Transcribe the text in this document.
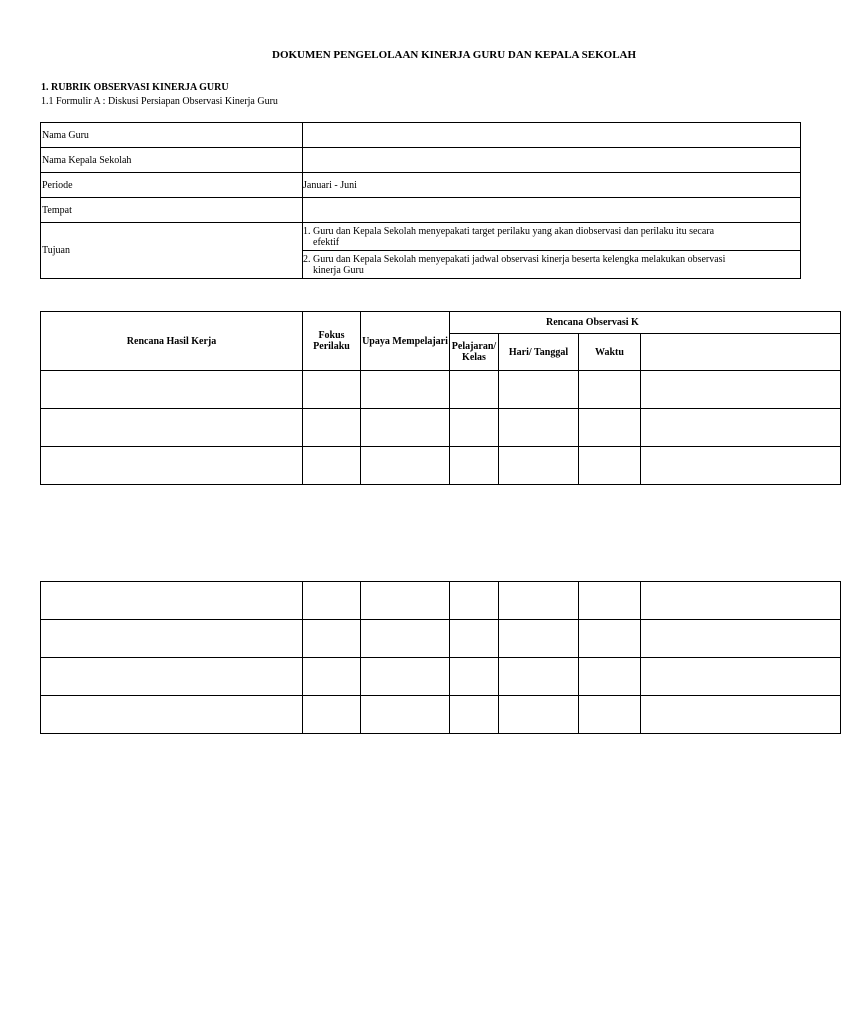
DOKUMEN PENGELOLAAN KINERJA GURU DAN KEPALA SEKOLAH
1. RUBRIK OBSERVASI KINERJA GURU
1.1 Formulir A : Diskusi Persiapan Observasi Kinerja Guru
Nama Guru	
Nama Kepala Sekolah	
Periode	Januari - Juni
Tempat	
Tujuan	1. Guru dan Kepala Sekolah menyepakati target perilaku yang akan diobservasi dan perilaku itu secara efektif
2. Guru dan Kepala Sekolah menyepakati jadwal observasi kinerja beserta kelengka melakukan observasi kinerja Guru
Rencana Hasil Kerja	Fokus Perilaku	Upaya Mempelajari	Rencana Observasi K			
			Pelajaran/ Kelas	Hari/ Tanggal	Waktu	
